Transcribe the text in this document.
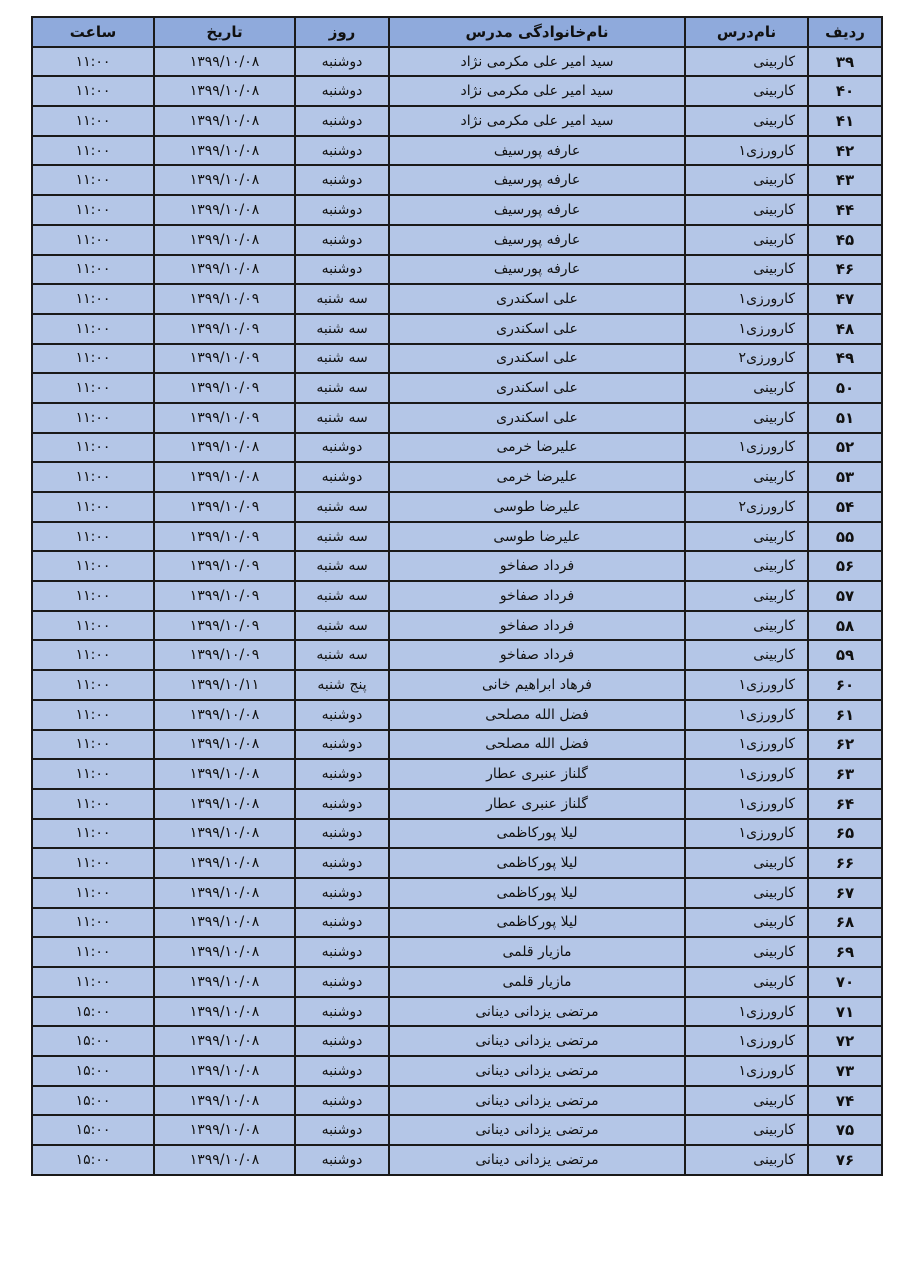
ردیف	نام‌درس	نام‌خانوادگی مدرس	روز	تاریخ	ساعت
۳۹	کاربینی	سید امیر علی مکرمی نژاد	دوشنبه	۱۳۹۹/۱۰/۰۸	۱۱:۰۰
۴۰	کاربینی	سید امیر علی مکرمی نژاد	دوشنبه	۱۳۹۹/۱۰/۰۸	۱۱:۰۰
۴۱	کاربینی	سید امیر علی مکرمی نژاد	دوشنبه	۱۳۹۹/۱۰/۰۸	۱۱:۰۰
۴۲	کارورزی۱	عارفه پورسیف	دوشنبه	۱۳۹۹/۱۰/۰۸	۱۱:۰۰
۴۳	کاربینی	عارفه پورسیف	دوشنبه	۱۳۹۹/۱۰/۰۸	۱۱:۰۰
۴۴	کاربینی	عارفه پورسیف	دوشنبه	۱۳۹۹/۱۰/۰۸	۱۱:۰۰
۴۵	کاربینی	عارفه پورسیف	دوشنبه	۱۳۹۹/۱۰/۰۸	۱۱:۰۰
۴۶	کاربینی	عارفه پورسیف	دوشنبه	۱۳۹۹/۱۰/۰۸	۱۱:۰۰
۴۷	کارورزی۱	علی اسکندری	سه شنبه	۱۳۹۹/۱۰/۰۹	۱۱:۰۰
۴۸	کارورزی۱	علی اسکندری	سه شنبه	۱۳۹۹/۱۰/۰۹	۱۱:۰۰
۴۹	کارورزی۲	علی اسکندری	سه شنبه	۱۳۹۹/۱۰/۰۹	۱۱:۰۰
۵۰	کاربینی	علی اسکندری	سه شنبه	۱۳۹۹/۱۰/۰۹	۱۱:۰۰
۵۱	کاربینی	علی اسکندری	سه شنبه	۱۳۹۹/۱۰/۰۹	۱۱:۰۰
۵۲	کارورزی۱	علیرضا خرمی	دوشنبه	۱۳۹۹/۱۰/۰۸	۱۱:۰۰
۵۳	کاربینی	علیرضا خرمی	دوشنبه	۱۳۹۹/۱۰/۰۸	۱۱:۰۰
۵۴	کارورزی۲	علیرضا طوسی	سه شنبه	۱۳۹۹/۱۰/۰۹	۱۱:۰۰
۵۵	کاربینی	علیرضا طوسی	سه شنبه	۱۳۹۹/۱۰/۰۹	۱۱:۰۰
۵۶	کاربینی	فرداد صفاخو	سه شنبه	۱۳۹۹/۱۰/۰۹	۱۱:۰۰
۵۷	کاربینی	فرداد صفاخو	سه شنبه	۱۳۹۹/۱۰/۰۹	۱۱:۰۰
۵۸	کاربینی	فرداد صفاخو	سه شنبه	۱۳۹۹/۱۰/۰۹	۱۱:۰۰
۵۹	کاربینی	فرداد صفاخو	سه شنبه	۱۳۹۹/۱۰/۰۹	۱۱:۰۰
۶۰	کارورزی۱	فرهاد ابراهیم خانی	پنج شنبه	۱۳۹۹/۱۰/۱۱	۱۱:۰۰
۶۱	کارورزی۱	فضل الله مصلحی	دوشنبه	۱۳۹۹/۱۰/۰۸	۱۱:۰۰
۶۲	کارورزی۱	فضل الله مصلحی	دوشنبه	۱۳۹۹/۱۰/۰۸	۱۱:۰۰
۶۳	کارورزی۱	گلناز عنبری عطار	دوشنبه	۱۳۹۹/۱۰/۰۸	۱۱:۰۰
۶۴	کارورزی۱	گلناز عنبری عطار	دوشنبه	۱۳۹۹/۱۰/۰۸	۱۱:۰۰
۶۵	کارورزی۱	لیلا پورکاظمی	دوشنبه	۱۳۹۹/۱۰/۰۸	۱۱:۰۰
۶۶	کاربینی	لیلا پورکاظمی	دوشنبه	۱۳۹۹/۱۰/۰۸	۱۱:۰۰
۶۷	کاربینی	لیلا پورکاظمی	دوشنبه	۱۳۹۹/۱۰/۰۸	۱۱:۰۰
۶۸	کاربینی	لیلا پورکاظمی	دوشنبه	۱۳۹۹/۱۰/۰۸	۱۱:۰۰
۶۹	کاربینی	مازیار قلمی	دوشنبه	۱۳۹۹/۱۰/۰۸	۱۱:۰۰
۷۰	کاربینی	مازیار قلمی	دوشنبه	۱۳۹۹/۱۰/۰۸	۱۱:۰۰
۷۱	کارورزی۱	مرتضی یزدانی دینانی	دوشنبه	۱۳۹۹/۱۰/۰۸	۱۵:۰۰
۷۲	کارورزی۱	مرتضی یزدانی دینانی	دوشنبه	۱۳۹۹/۱۰/۰۸	۱۵:۰۰
۷۳	کارورزی۱	مرتضی یزدانی دینانی	دوشنبه	۱۳۹۹/۱۰/۰۸	۱۵:۰۰
۷۴	کاربینی	مرتضی یزدانی دینانی	دوشنبه	۱۳۹۹/۱۰/۰۸	۱۵:۰۰
۷۵	کاربینی	مرتضی یزدانی دینانی	دوشنبه	۱۳۹۹/۱۰/۰۸	۱۵:۰۰
۷۶	کاربینی	مرتضی یزدانی دینانی	دوشنبه	۱۳۹۹/۱۰/۰۸	۱۵:۰۰
